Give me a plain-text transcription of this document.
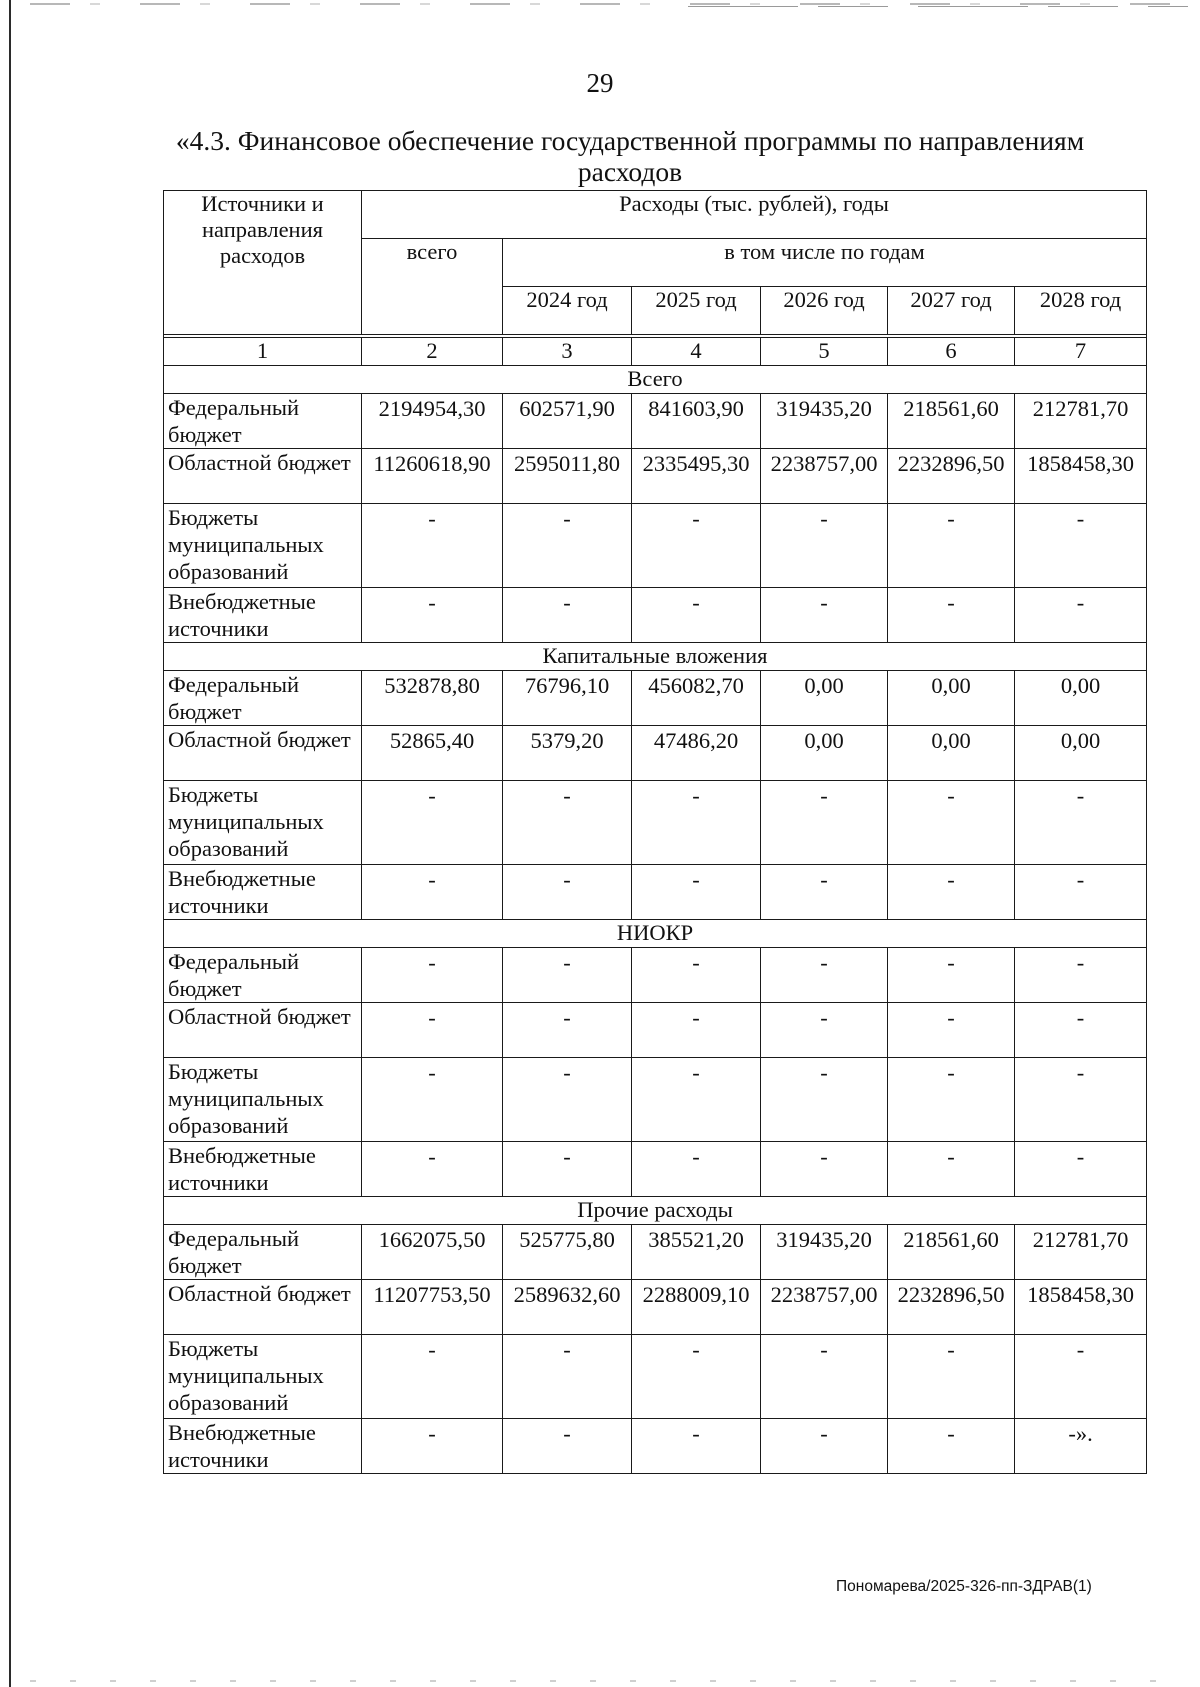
29
«4.3. Финансовое обеспечение государственной программы по направлениям расходов
Источники и направления расходов	Расходы (тыс. рублей), годы					
	всего	в том числе по годам				
		2024 год	2025 год	2026 год	2027 год	2028 год

1	2	3	4	5	6	7
Всего						
Федеральный бюджет	2194954,30	602571,90	841603,90	319435,20	218561,60	212781,70
Областной бюджет	11260618,90	2595011,80	2335495,30	2238757,00	2232896,50	1858458,30
Бюджеты муниципальных образований	-	-	-	-	-	-
Внебюджетные источники	-	-	-	-	-	-
Капитальные вложения						
Федеральный бюджет	532878,80	76796,10	456082,70	0,00	0,00	0,00
Областной бюджет	52865,40	5379,20	47486,20	0,00	0,00	0,00
Бюджеты муниципальных образований	-	-	-	-	-	-
Внебюджетные источники	-	-	-	-	-	-
НИОКР						
Федеральный бюджет	-	-	-	-	-	-
Областной бюджет	-	-	-	-	-	-
Бюджеты муниципальных образований	-	-	-	-	-	-
Внебюджетные источники	-	-	-	-	-	-
Прочие расходы						
Федеральный бюджет	1662075,50	525775,80	385521,20	319435,20	218561,60	212781,70
Областной бюджет	11207753,50	2589632,60	2288009,10	2238757,00	2232896,50	1858458,30
Бюджеты муниципальных образований	-	-	-	-	-	-
Внебюджетные источники	-	-	-	-	-	-».
Пономарева/2025-326-пп-ЗДРАВ(1)
